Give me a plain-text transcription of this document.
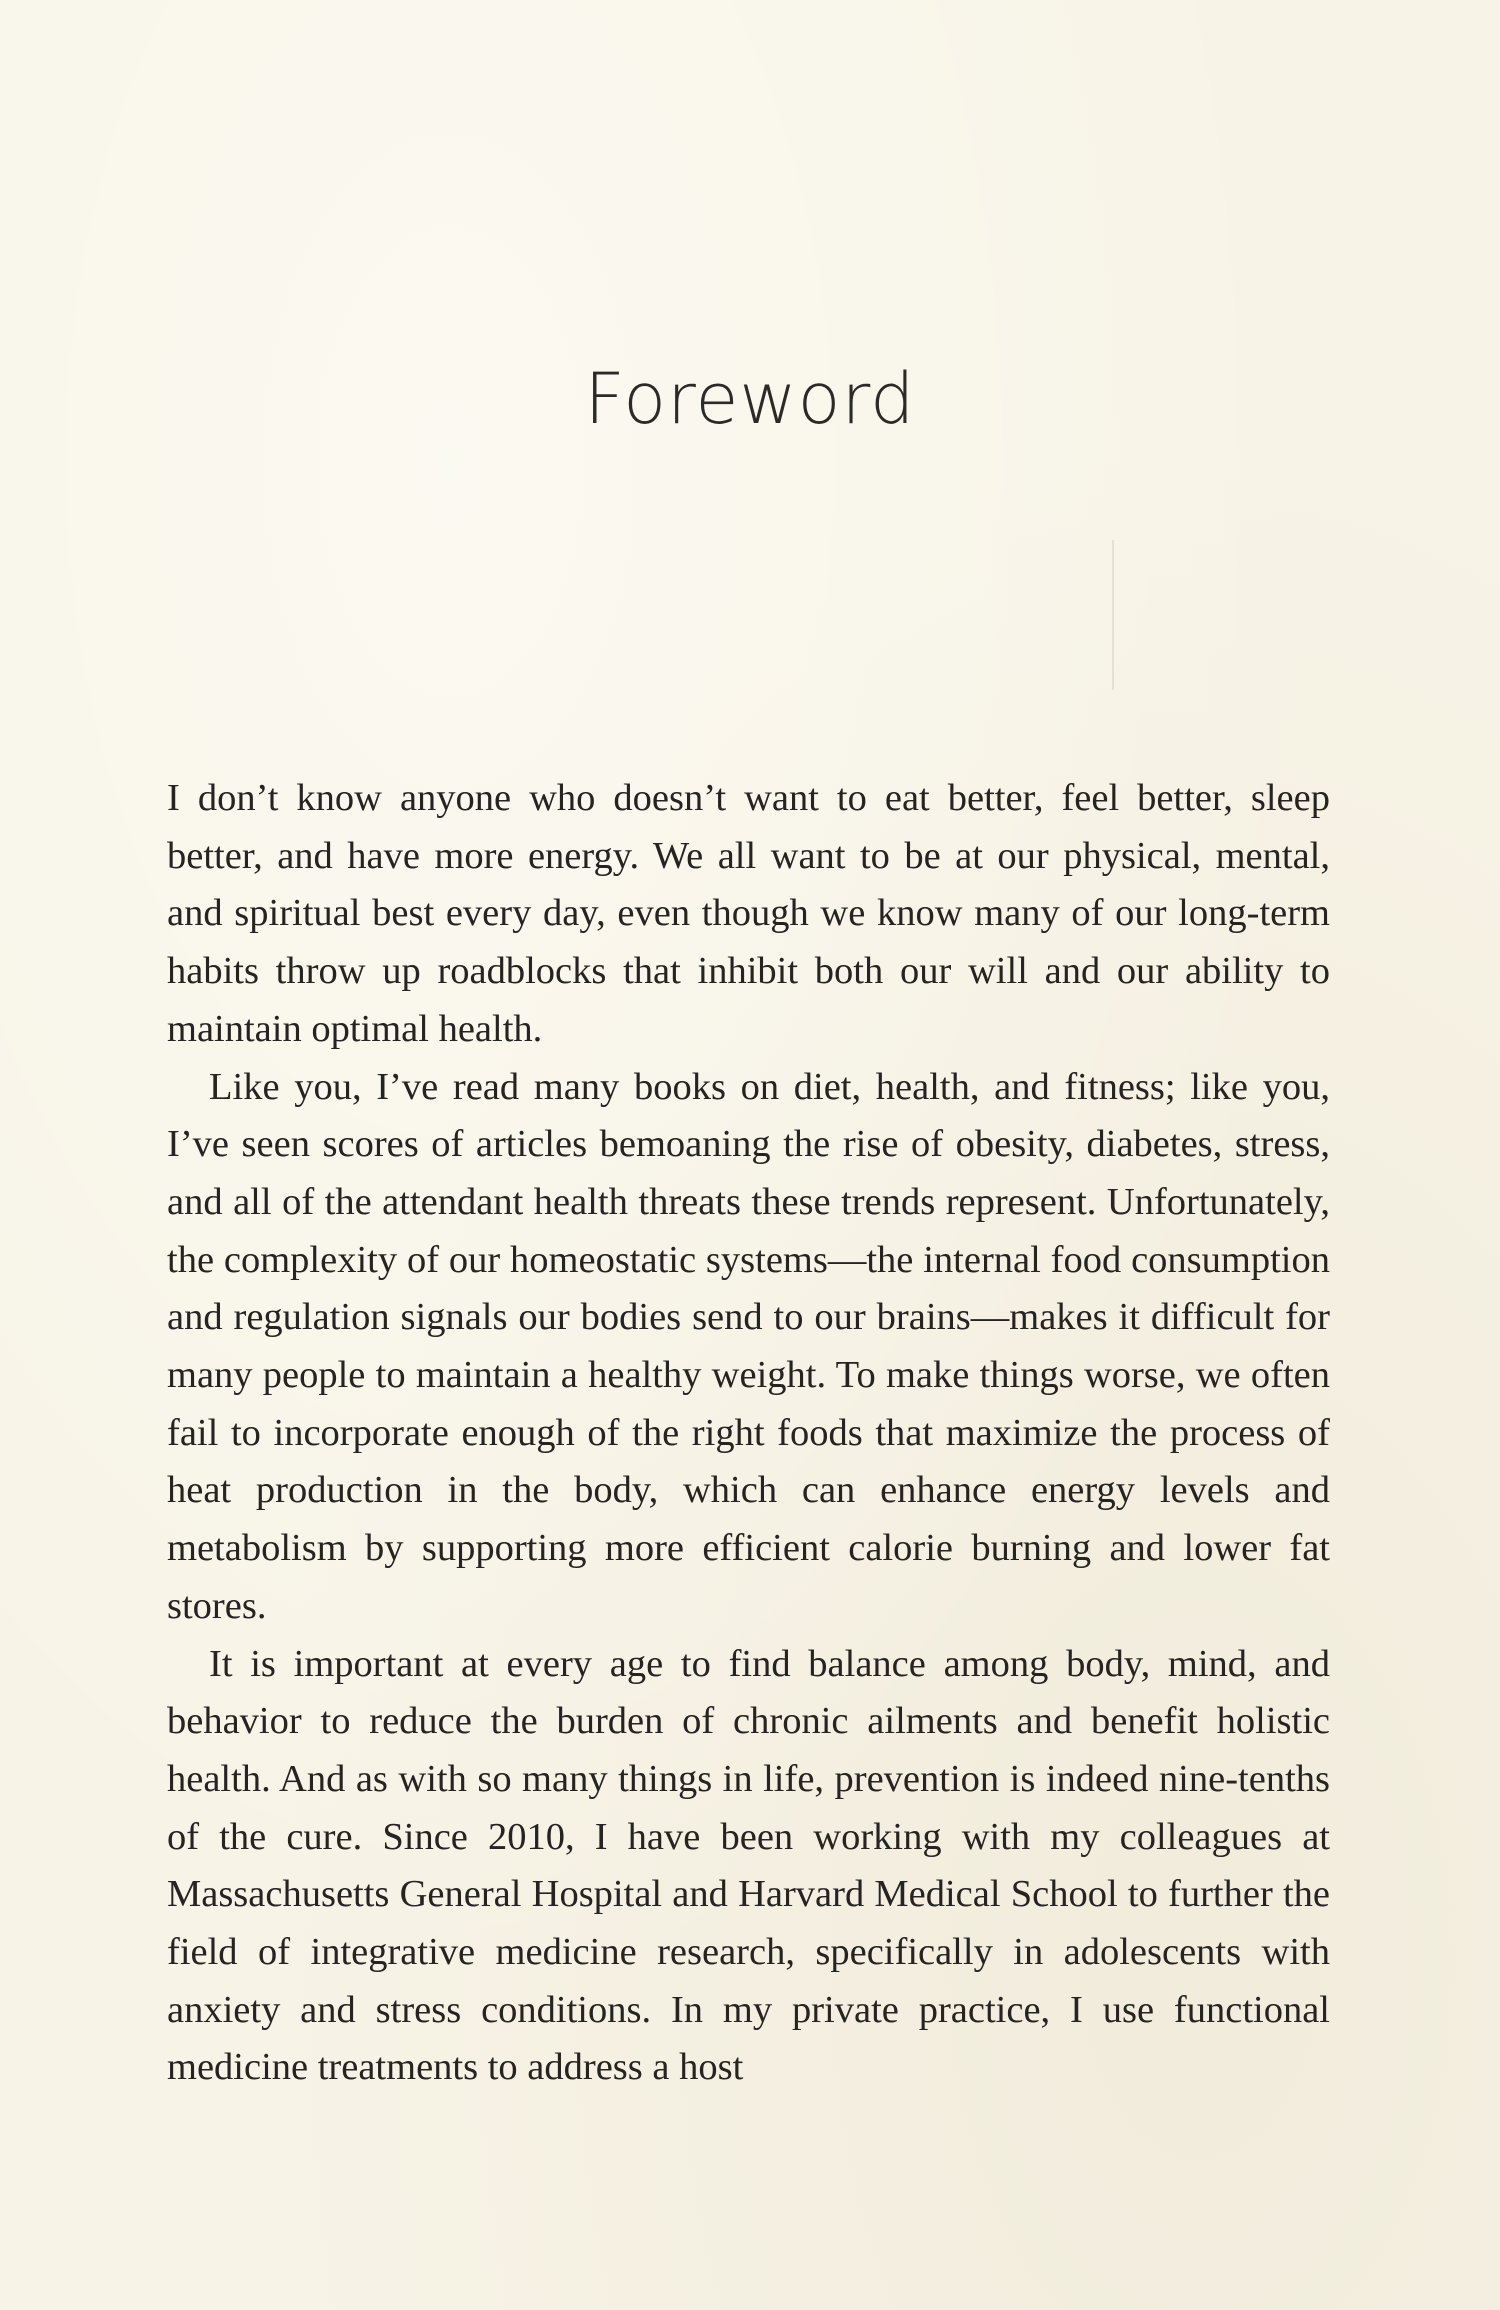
Foreword

I don’t know anyone who doesn’t want to eat better, feel better, sleep better, and have more energy. We all want to be at our physical, mental, and spiritual best every day, even though we know many of our long-term habits throw up roadblocks that inhibit both our will and our ability to maintain optimal health.

Like you, I’ve read many books on diet, health, and fitness; like you, I’ve seen scores of articles bemoaning the rise of obesity, diabetes, stress, and all of the attendant health threats these trends represent. Unfortunately, the complexity of our homeostatic systems—the internal food consumption and regulation signals our bodies send to our brains—makes it difficult for many people to maintain a healthy weight. To make things worse, we often fail to incorporate enough of the right foods that maximize the process of heat production in the body, which can enhance energy levels and metabolism by supporting more efficient calorie burning and lower fat stores.

It is important at every age to find balance among body, mind, and behavior to reduce the burden of chronic ailments and benefit holistic health. And as with so many things in life, prevention is indeed nine-tenths of the cure. Since 2010, I have been working with my colleagues at Massachusetts General Hospital and Harvard Medical School to further the field of integrative medicine research, specifically in adolescents with anxiety and stress conditions. In my private practice, I use functional medicine treatments to address a host
